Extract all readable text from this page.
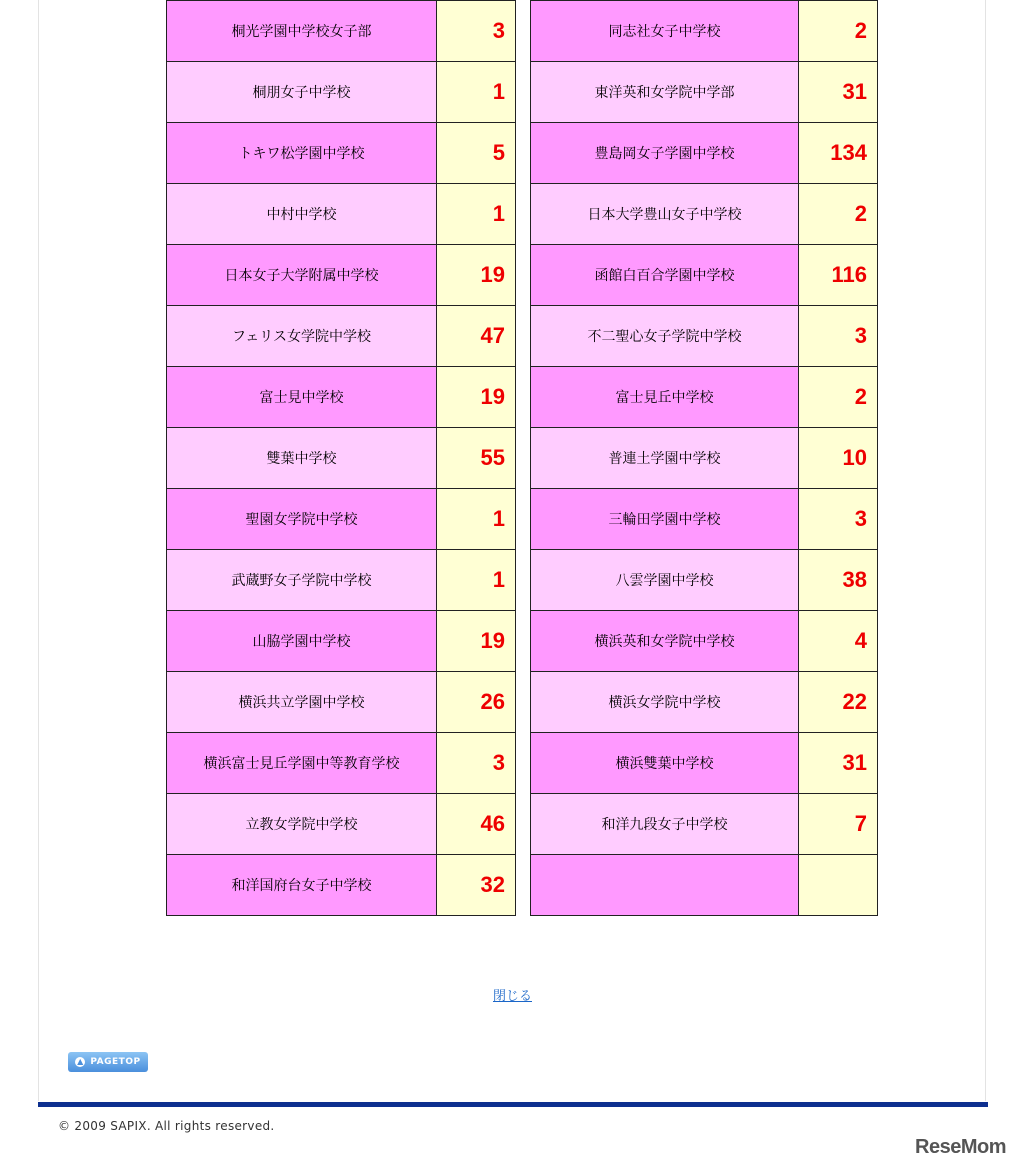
桐光学園中学校女子部	3
桐朋女子中学校	1
トキワ松学園中学校	5
中村中学校	1
日本女子大学附属中学校	19
フェリス女学院中学校	47
富士見中学校	19
雙葉中学校	55
聖園女学院中学校	1
武蔵野女子学院中学校	1
山脇学園中学校	19
横浜共立学園中学校	26
横浜富士見丘学園中等教育学校	3
立教女学院中学校	46
和洋国府台女子中学校	32
同志社女子中学校	2
東洋英和女学院中学部	31
豊島岡女子学園中学校	134
日本大学豊山女子中学校	2
函館白百合学園中学校	116
不二聖心女子学院中学校	3
富士見丘中学校	2
普連土学園中学校	10
三輪田学園中学校	3
八雲学園中学校	38
横浜英和女学院中学校	4
横浜女学院中学校	22
横浜雙葉中学校	31
和洋九段女子中学校	7

閉じる
▲ PAGETOP
© 2009 SAPIX. All rights reserved.
ReseMom
